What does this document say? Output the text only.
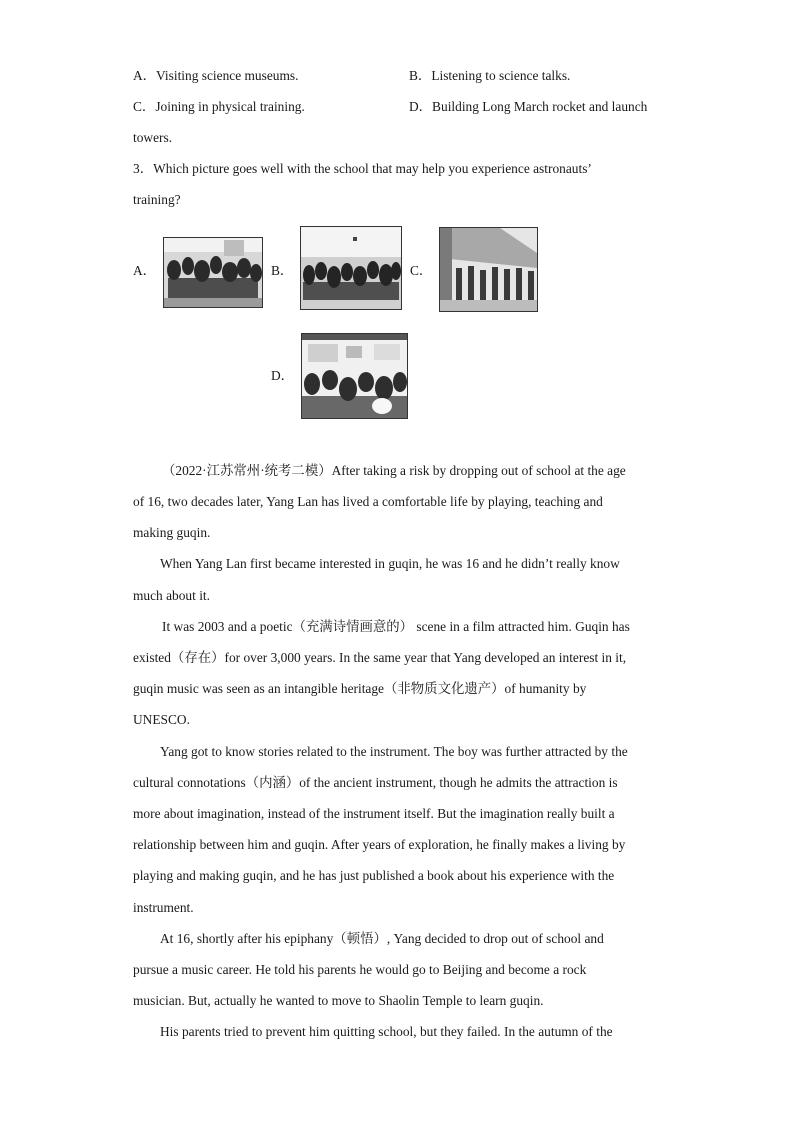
A．Visiting science museums.	B．Listening to science talks.
C．Joining in physical training.	D．Building Long March rocket and launch
towers.
3．Which picture goes well with the school that may help you experience astronauts’
training?
A．	B．	C．
D．
（2022·江苏常州·统考二模）After taking a risk by dropping out of school at the age
of 16, two decades later, Yang Lan has lived a comfortable life by playing, teaching and
making guqin.
When Yang Lan first became interested in guqin, he was 16 and he didn’t really know
much about it.
It was 2003 and a poetic（充满诗情画意的） scene in a film attracted him. Guqin has
existed（存在）for over 3,000 years. In the same year that Yang developed an interest in it,
guqin music was seen as an intangible heritage（非物质文化遗产）of humanity by
UNESCO.
Yang got to know stories related to the instrument. The boy was further attracted by the
cultural connotations（内涵）of the ancient instrument, though he admits the attraction is
more about imagination, instead of the instrument itself. But the imagination really built a
relationship between him and guqin. After years of exploration, he finally makes a living by
playing and making guqin, and he has just published a book about his experience with the
instrument.
At 16, shortly after his epiphany（顿悟）, Yang decided to drop out of school and
pursue a music career. He told his parents he would go to Beijing and become a rock
musician. But, actually he wanted to move to Shaolin Temple to learn guqin.
His parents tried to prevent him quitting school, but they failed. In the autumn of the
